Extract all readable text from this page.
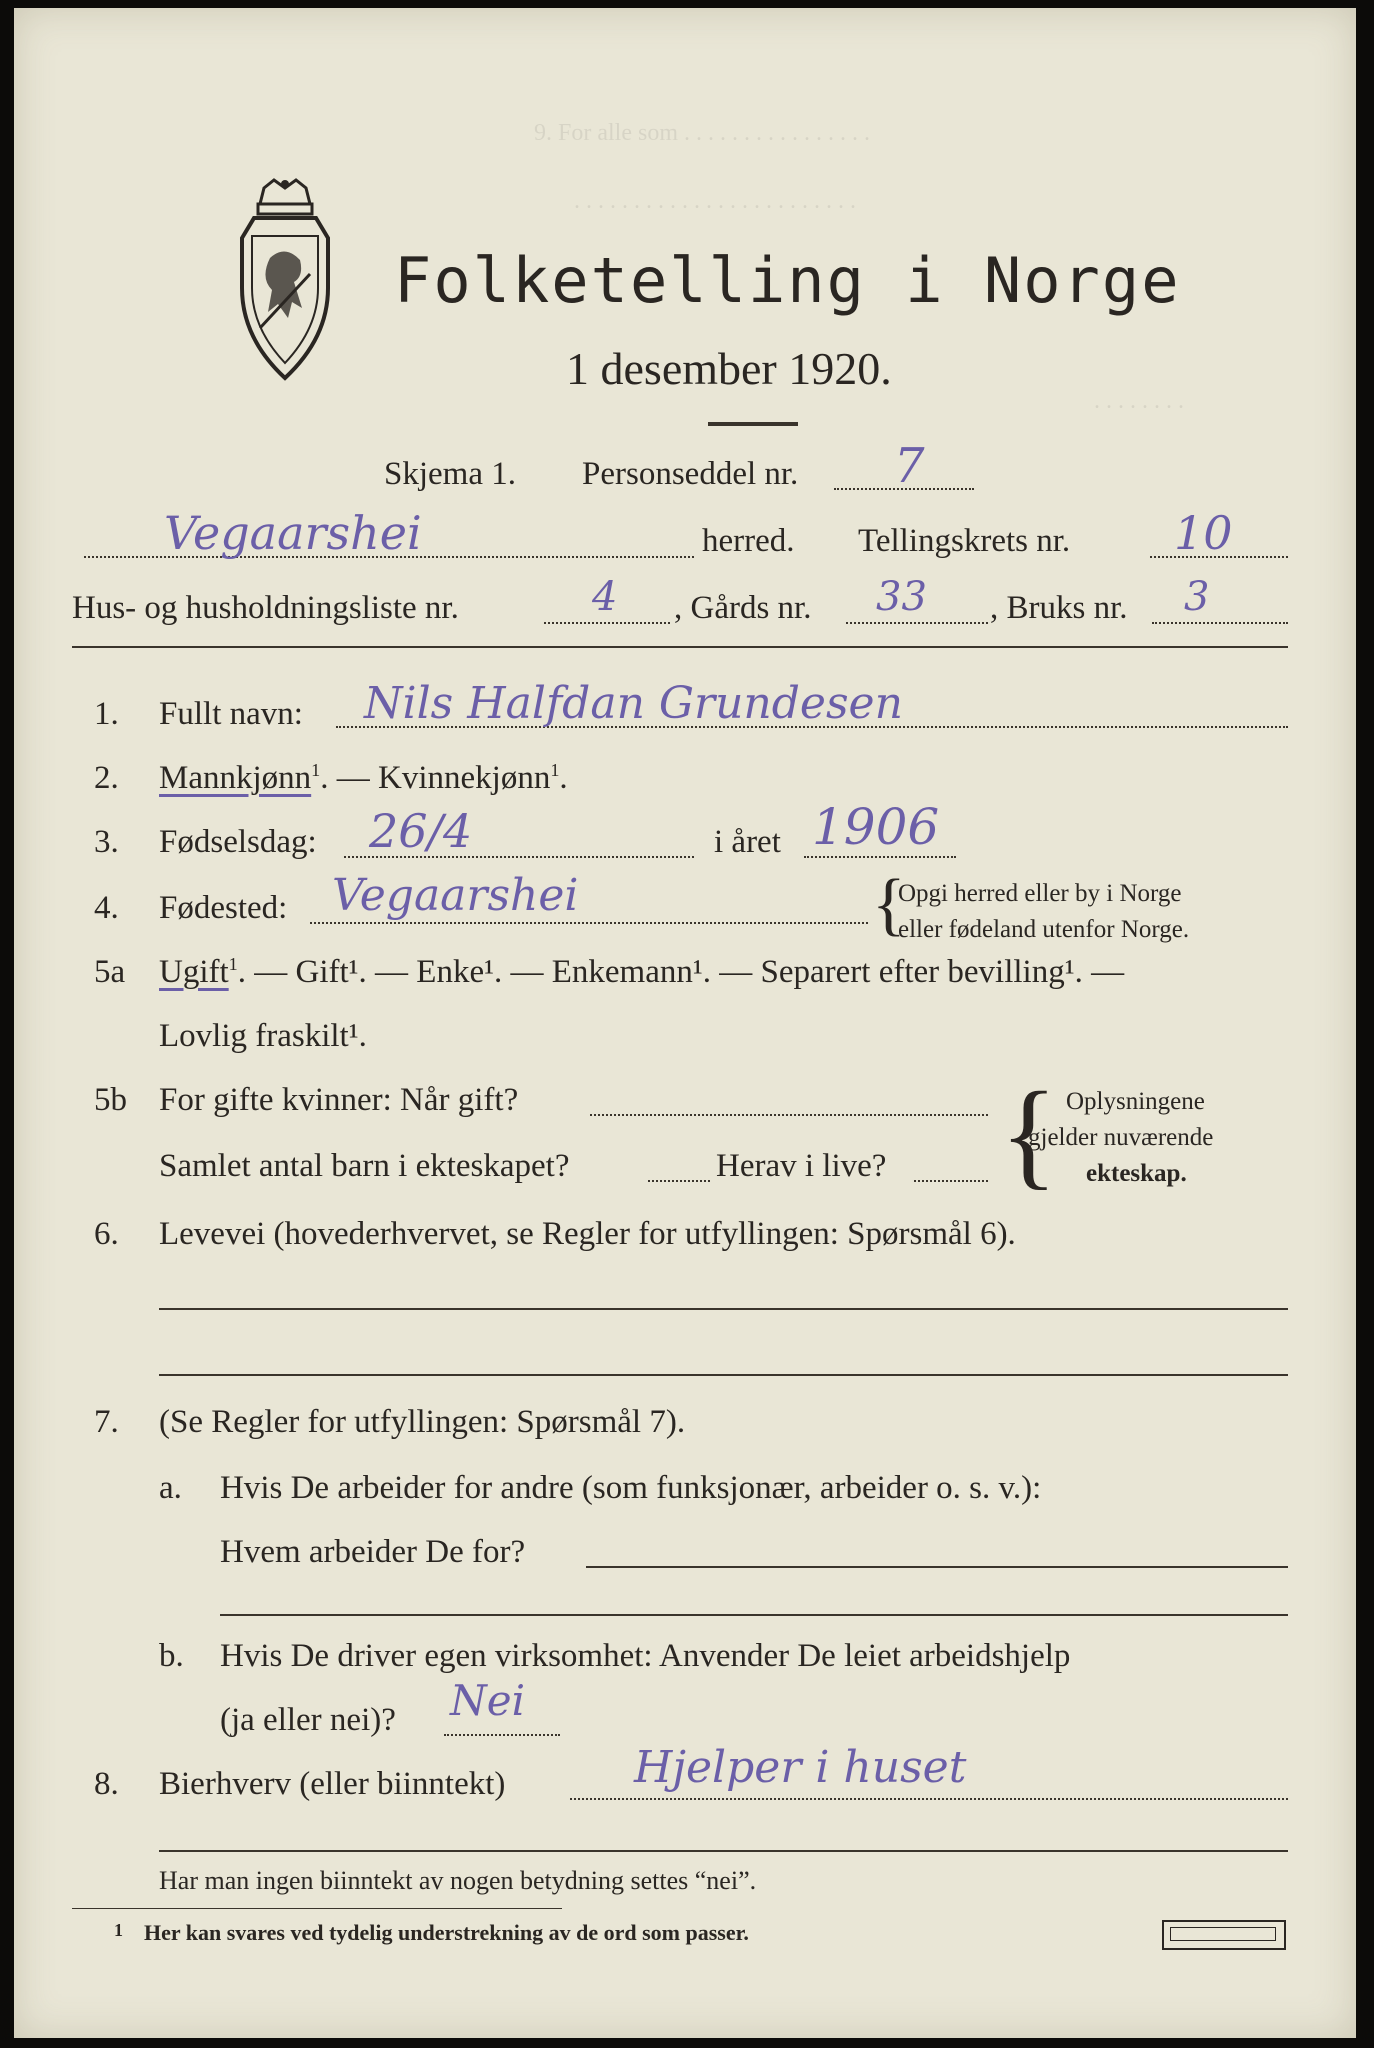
9. For alle som . . . . . . . . . . . . . . . .
. . . . . . . . . . . . . . . . . . . . . . . .
. . . . . . . .
Folketelling i Norge
1 desember 1920.
Skjema 1. Personseddel nr. 7
Vegaarshei	herred. Tellingskrets nr. 10
Hus- og husholdningsliste nr.	4 , Gårds nr. 33 , Bruks nr. 3
1. Fullt navn: Nils Halfdan Grundesen
2. Mannkjønn$^1$. — Kvinnekjønn$^1$.
3. Fødselsdag: 26/4	i året 1906
4. Fødested: Vegaarshei	{
Opgi herred eller by i Norge
eller fødeland utenfor Norge.
5a Ugift$^1$. — Gift¹. — Enke¹. — Enkemann¹. — Separert efter bevilling¹. —
Lovlig fraskilt¹.
5b For gifte kvinner: Når gift?
Samlet antal barn i ekteskapet?	Herav i live? { Oplysningene
gjelder nuværende
ekteskap.
6. Levevei (hovederhvervet, se Regler for utfyllingen: Spørsmål 6).
7. (Se Regler for utfyllingen: Spørsmål 7).
a. Hvis De arbeider for andre (som funksjonær, arbeider o. s. v.):
Hvem arbeider De for?
b. Hvis De driver egen virksomhet: Anvender De leiet arbeidshjelp
(ja eller nei)? Nei
8. Bierhverv (eller biinntekt)	Hjelper i huset
Har man ingen biinntekt av nogen betydning settes “nei”.
1 Her kan svares ved tydelig understrekning av de ord som passer.
